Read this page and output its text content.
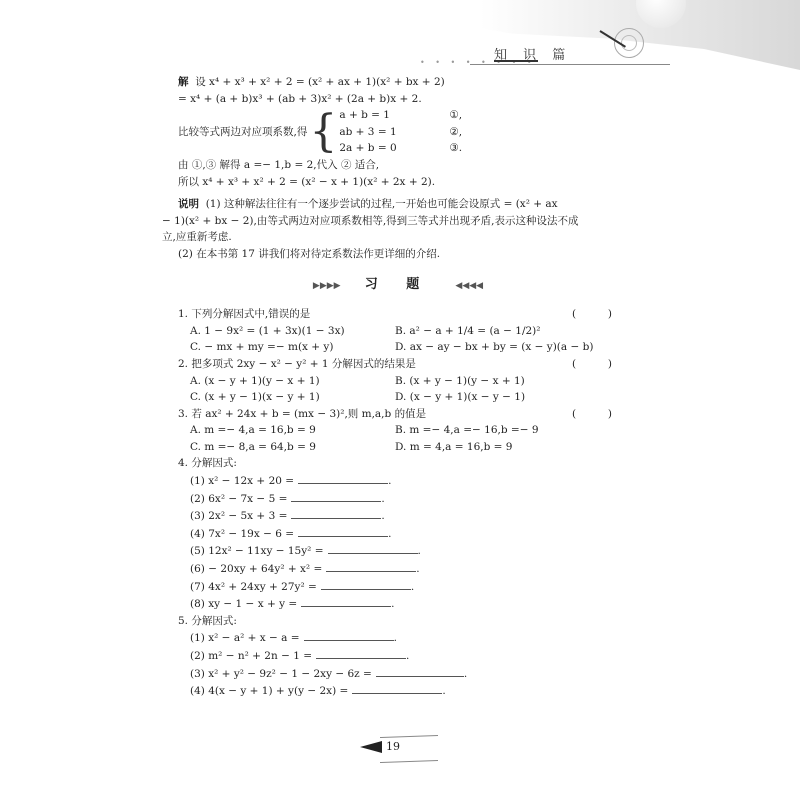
• • • • • • • •
知 识 篇
解 设 x⁴ + x³ + x² + 2 = (x² + ax + 1)(x² + bx + 2)
= x⁴ + (a + b)x³ + (ab + 3)x² + (2a + b)x + 2.
比较等式两边对应项系数,得 { a + b = 1	①,
ab + 3 = 1	②,
2a + b = 0	③.
由 ①,③ 解得 a =− 1,b = 2,代入 ② 适合,
所以 x⁴ + x³ + x² + 2 = (x² − x + 1)(x² + 2x + 2).
说明 (1) 这种解法往往有一个逐步尝试的过程,一开始也可能会设原式 = (x² + ax
− 1)(x² + bx − 2),由等式两边对应项系数相等,得到三等式并出现矛盾,表示这种设法不成
立,应重新考虑.
(2) 在本书第 17 讲我们将对待定系数法作更详细的介绍.
▶▶▶▶ 习 题	◀◀◀◀
1. 下列分解因式中,错误的是	(	)
A. 1 − 9x² = (1 + 3x)(1 − 3x)	B. a² − a + 1/4 = (a − 1/2)²
C. − mx + my =− m(x + y)	D. ax − ay − bx + by = (x − y)(a − b)
2. 把多项式 2xy − x² − y² + 1 分解因式的结果是	(	)
A. (x − y + 1)(y − x + 1)	B. (x + y − 1)(y − x + 1)
C. (x + y − 1)(x − y + 1)	D. (x − y + 1)(x − y − 1)
3. 若 ax² + 24x + b = (mx − 3)²,则 m,a,b 的值是	(	)
A. m =− 4,a = 16,b = 9	B. m =− 4,a =− 16,b =− 9
C. m =− 8,a = 64,b = 9	D. m = 4,a = 16,b = 9
4. 分解因式:
(1) x² − 12x + 20 =	.
(2) 6x² − 7x − 5 =	.
(3) 2x² − 5x + 3 =	.
(4) 7x² − 19x − 6 =	.
(5) 12x² − 11xy − 15y² =	.
(6) − 20xy + 64y² + x² =	.
(7) 4x² + 24xy + 27y² =	.
(8) xy − 1 − x + y =	.
5. 分解因式:
(1) x² − a² + x − a =	.
(2) m² − n² + 2n − 1 =	.
(3) x² + y² − 9z² − 1 − 2xy − 6z =	.
(4) 4(x − y + 1) + y(y − 2x) =	.
19
